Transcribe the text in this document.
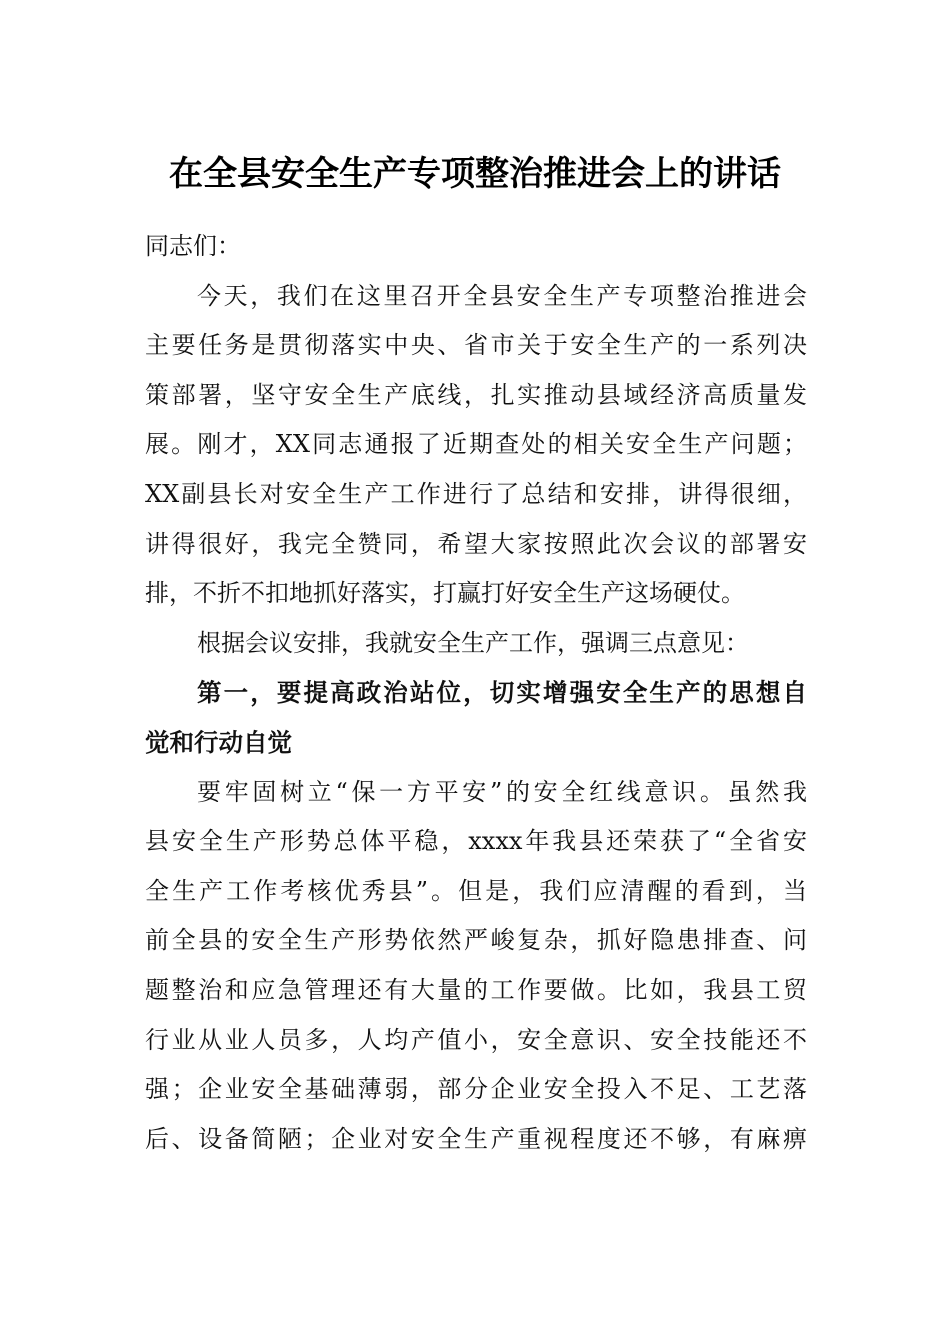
在全县安全生产专项整治推进会上的讲话
同志们：
今天，我们在这里召开全县安全生产专项整治推进会
主要任务是贯彻落实中央、省市关于安全生产的一系列决
策部署，坚守安全生产底线，扎实推动县域经济高质量发
展。刚才，XX同志通报了近期查处的相关安全生产问题；
XX副县长对安全生产工作进行了总结和安排，讲得很细，
讲得很好，我完全赞同，希望大家按照此次会议的部署安
排，不折不扣地抓好落实，打赢打好安全生产这场硬仗。
根据会议安排，我就安全生产工作，强调三点意见：
第一，要提高政治站位，切实增强安全生产的思想自
觉和行动自觉
要牢固树立“保一方平安”的安全红线意识。虽然我
县安全生产形势总体平稳，xxxx年我县还荣获了“全省安
全生产工作考核优秀县”。但是，我们应清醒的看到，当
前全县的安全生产形势依然严峻复杂，抓好隐患排查、问
题整治和应急管理还有大量的工作要做。比如，我县工贸
行业从业人员多，人均产值小，安全意识、安全技能还不
强；企业安全基础薄弱，部分企业安全投入不足、工艺落
后、设备简陋；企业对安全生产重视程度还不够，有麻痹
